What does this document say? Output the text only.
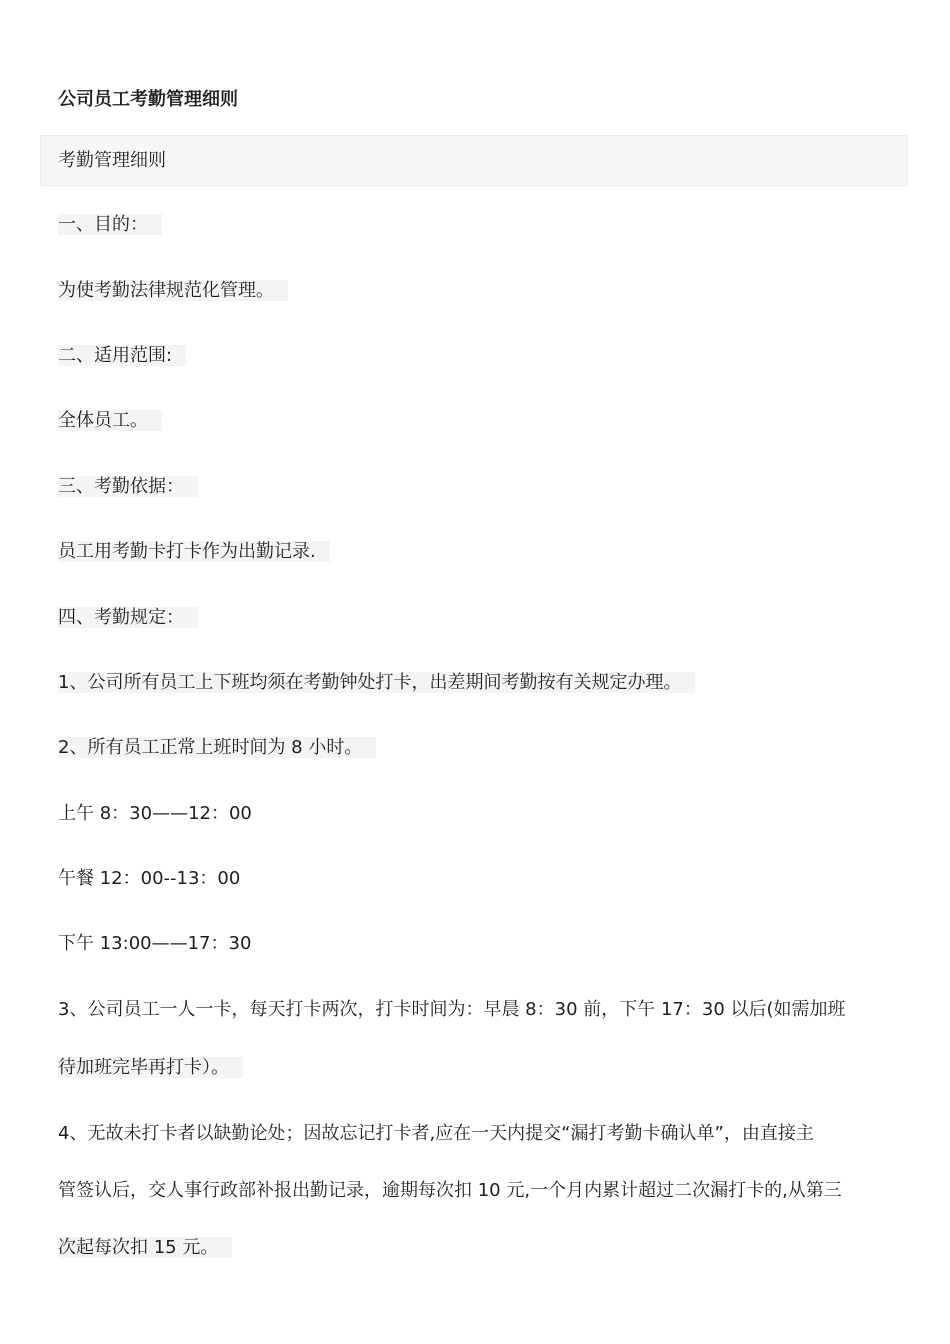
公司员工考勤管理细则
考勤管理细则
一、目的：
为使考勤法律规范化管理。
二、适用范围:
全体员工。
三、考勤依据：
员工用考勤卡打卡作为出勤记录.
四、考勤规定：
1、公司所有员工上下班均须在考勤钟处打卡，出差期间考勤按有关规定办理。
2、所有员工正常上班时间为 8 小时。
上午 8：30——12：00
午餐 12：00--13：00
下午 13:00——17：30
3、公司员工一人一卡，每天打卡两次，打卡时间为：早晨 8：30 前，下午 17：30 以后(如需加班
待加班完毕再打卡）。
4、无故未打卡者以缺勤论处；因故忘记打卡者,应在一天内提交“漏打考勤卡确认单”，由直接主
管签认后，交人事行政部补报出勤记录，逾期每次扣 10 元,一个月内累计超过二次漏打卡的,从第三
次起每次扣 15 元。
